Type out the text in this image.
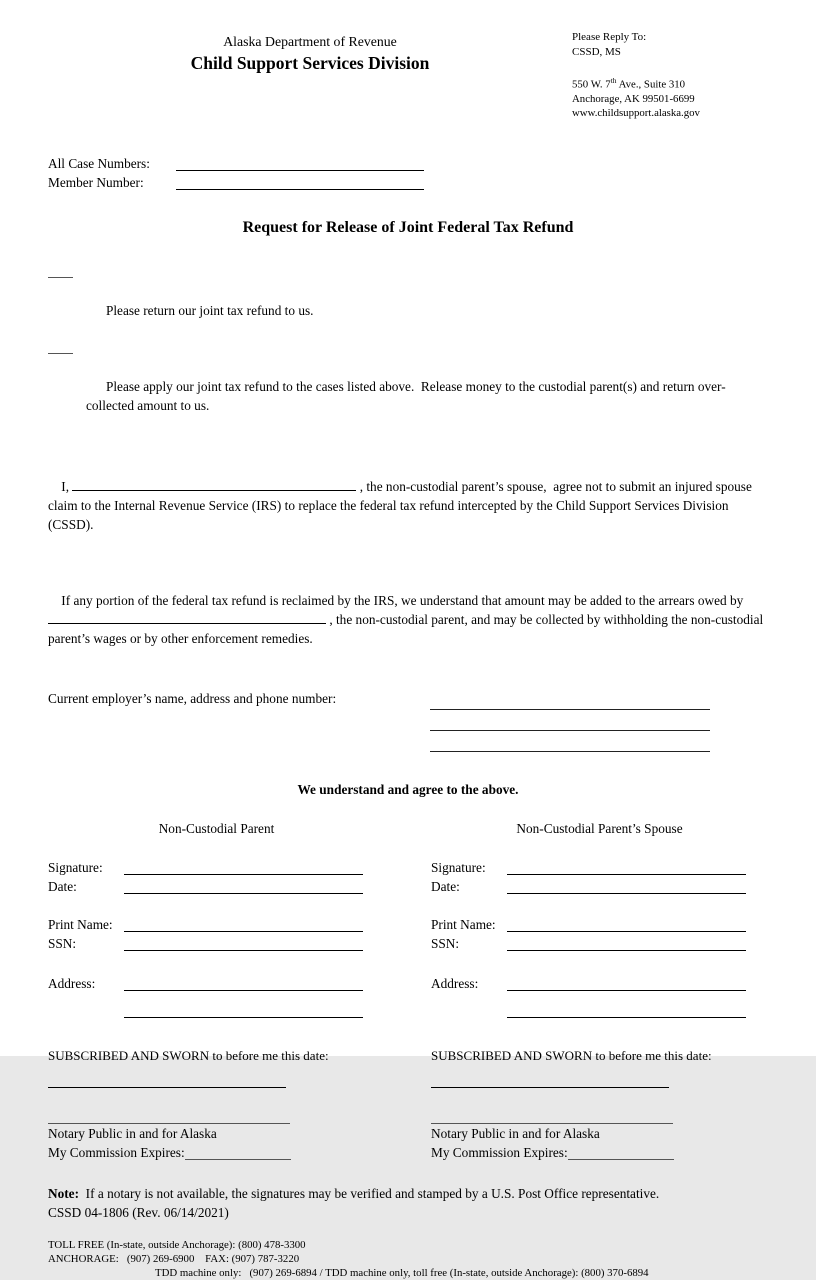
Alaska Department of Revenue
Child Support Services Division
Please Reply To:
CSSD, MS
550 W. 7th Ave., Suite 310
Anchorage, AK 99501-6699
www.childsupport.alaska.gov
All Case Numbers:
Member Number:
Request for Release of Joint Federal Tax Refund

Please return our joint tax refund to us.

Please apply our joint tax refund to the cases listed above.  Release money to the custodial parent(s) and return over-collected amount to us.

I,	, the non-custodial parent’s spouse,  agree not to submit an injured spouse claim to the Internal Revenue Service (IRS) to replace the federal tax refund intercepted by the Child Support Services Division (CSSD).

If any portion of the federal tax refund is reclaimed by the IRS, we understand that amount may be added to the arrears owed by  , the non-custodial parent, and may be collected by withholding the non-custodial parent’s wages or by other enforcement remedies.

Current employer’s name, address and phone number:
We understand and agree to the above.
Non-Custodial Parent
Signature:
Date:
Print Name:
SSN:
Address:
SUBSCRIBED AND SWORN to before me this date:
Notary Public in and for Alaska
My Commission Expires:
Non-Custodial Parent’s Spouse
Signature:
Date:
Print Name:
SSN:
Address:
SUBSCRIBED AND SWORN to before me this date:
Notary Public in and for Alaska
My Commission Expires:
Note:  If a notary is not available, the signatures may be verified and stamped by a U.S. Post Office representative.
CSSD 04-1806 (Rev. 06/14/2021)
TOLL FREE (In-state, outside Anchorage): (800) 478-3300
ANCHORAGE:   (907) 269-6900    FAX: (907) 787-3220
TDD machine only:   (907) 269-6894 / TDD machine only, toll free (In-state, outside Anchorage): (800) 370-6894
